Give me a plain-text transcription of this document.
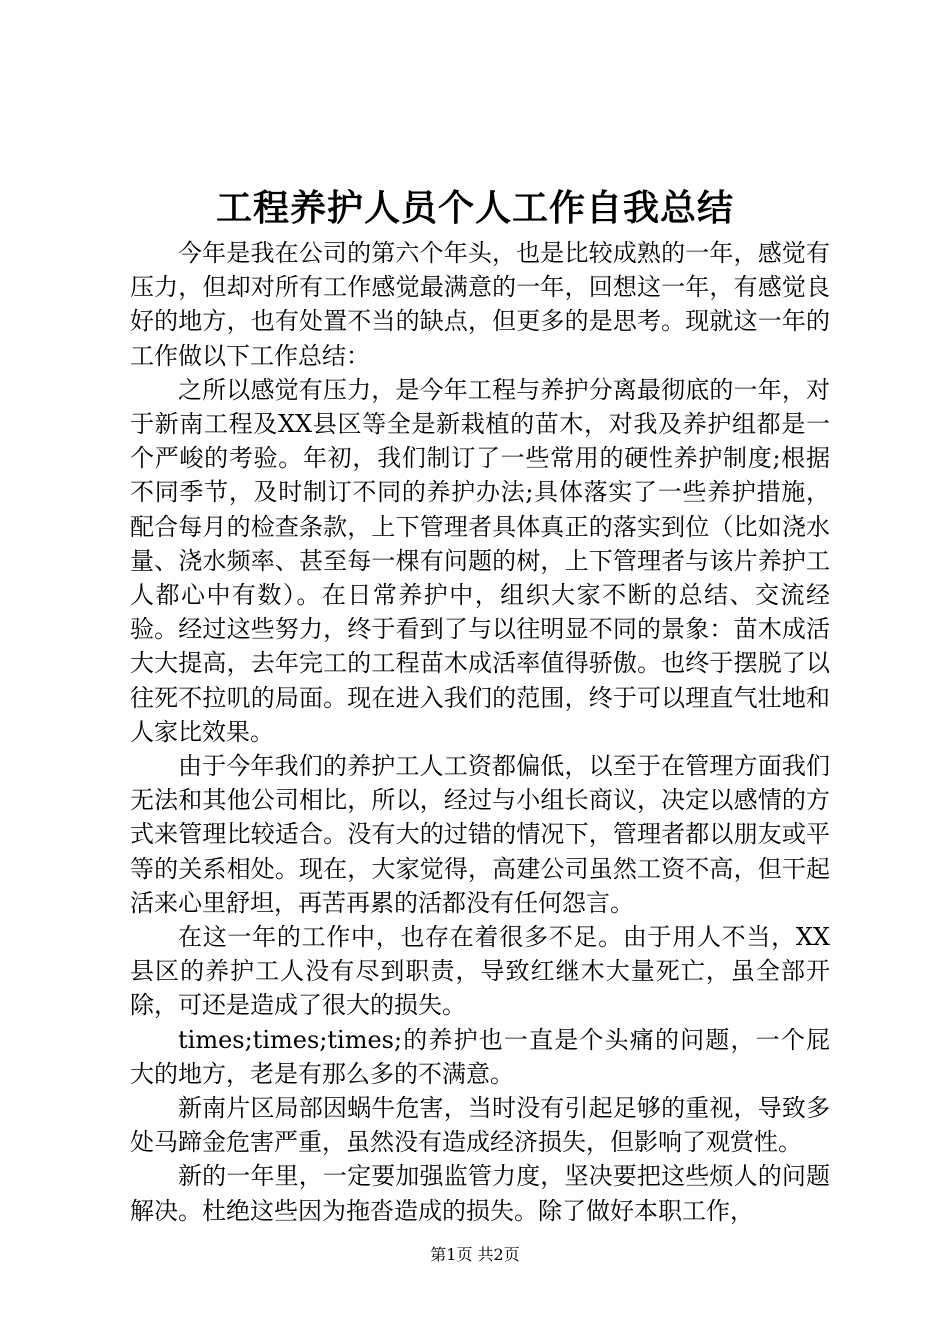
工程养护人员个人工作自我总结

今年是我在公司的第六个年头，也是比较成熟的一年，感觉有压力，但却对所有工作感觉最满意的一年，回想这一年，有感觉良好的地方，也有处置不当的缺点，但更多的是思考。现就这一年的工作做以下工作总结：

之所以感觉有压力，是今年工程与养护分离最彻底的一年，对于新南工程及XX县区等全是新栽植的苗木，对我及养护组都是一个严峻的考验。年初，我们制订了一些常用的硬性养护制度;根据不同季节，及时制订不同的养护办法;具体落实了一些养护措施，配合每月的检查条款，上下管理者具体真正的落实到位（比如浇水量、浇水频率、甚至每一棵有问题的树，上下管理者与该片养护工人都心中有数）。在日常养护中，组织大家不断的总结、交流经验。经过这些努力，终于看到了与以往明显不同的景象：苗木成活大大提高，去年完工的工程苗木成活率值得骄傲。也终于摆脱了以往死不拉叽的局面。现在进入我们的范围，终于可以理直气壮地和人家比效果。

由于今年我们的养护工人工资都偏低，以至于在管理方面我们无法和其他公司相比，所以，经过与小组长商议，决定以感情的方式来管理比较适合。没有大的过错的情况下，管理者都以朋友或平等的关系相处。现在，大家觉得，高建公司虽然工资不高，但干起活来心里舒坦，再苦再累的活都没有任何怨言。

在这一年的工作中，也存在着很多不足。由于用人不当，XX县区的养护工人没有尽到职责，导致红继木大量死亡，虽全部开除，可还是造成了很大的损失。

times;times;times;的养护也一直是个头痛的问题，一个屁大的地方，老是有那么多的不满意。

新南片区局部因蜗牛危害，当时没有引起足够的重视，导致多处马蹄金危害严重，虽然没有造成经济损失，但影响了观赏性。

新的一年里，一定要加强监管力度，坚决要把这些烦人的问题解决。杜绝这些因为拖沓造成的损失。除了做好本职工作，

第1页 共2页
